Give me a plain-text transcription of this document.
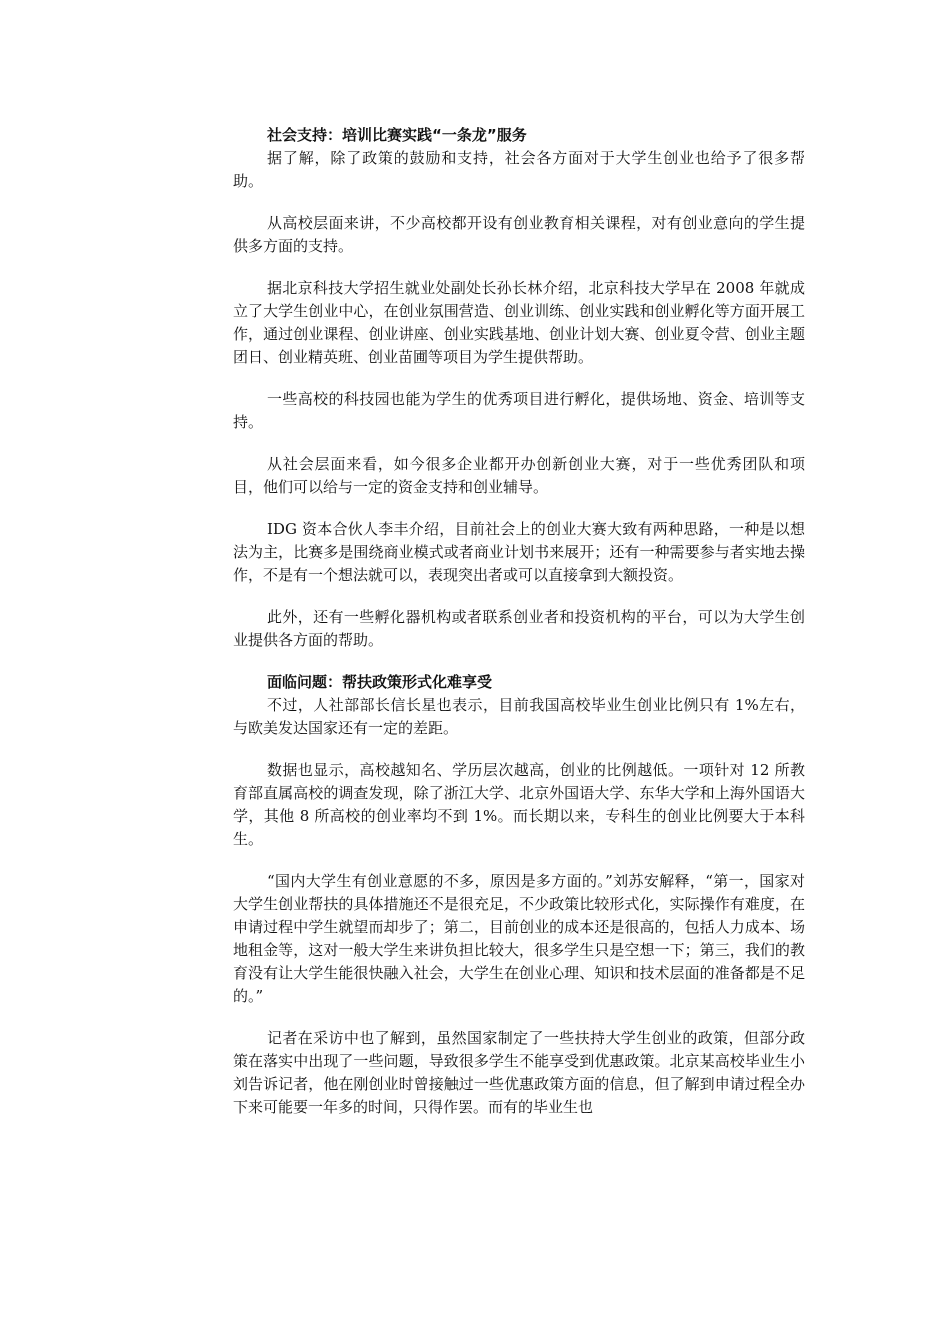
社会支持：培训比赛实践“一条龙”服务

据了解，除了政策的鼓励和支持，社会各方面对于大学生创业也给予了很多帮助。

从高校层面来讲，不少高校都开设有创业教育相关课程，对有创业意向的学生提供多方面的支持。

据北京科技大学招生就业处副处长孙长林介绍，北京科技大学早在 2008 年就成立了大学生创业中心，在创业氛围营造、创业训练、创业实践和创业孵化等方面开展工作，通过创业课程、创业讲座、创业实践基地、创业计划大赛、创业夏令营、创业主题团日、创业精英班、创业苗圃等项目为学生提供帮助。

一些高校的科技园也能为学生的优秀项目进行孵化，提供场地、资金、培训等支持。

从社会层面来看，如今很多企业都开办创新创业大赛，对于一些优秀团队和项目，他们可以给与一定的资金支持和创业辅导。

IDG 资本合伙人李丰介绍，目前社会上的创业大赛大致有两种思路，一种是以想法为主，比赛多是围绕商业模式或者商业计划书来展开；还有一种需要参与者实地去操作，不是有一个想法就可以，表现突出者或可以直接拿到大额投资。

此外，还有一些孵化器机构或者联系创业者和投资机构的平台，可以为大学生创业提供各方面的帮助。

面临问题：帮扶政策形式化难享受

不过，人社部部长信长星也表示，目前我国高校毕业生创业比例只有 1%左右，与欧美发达国家还有一定的差距。

数据也显示，高校越知名、学历层次越高，创业的比例越低。一项针对 12 所教育部直属高校的调查发现，除了浙江大学、北京外国语大学、东华大学和上海外国语大学，其他 8 所高校的创业率均不到 1%。而长期以来，专科生的创业比例要大于本科生。

“国内大学生有创业意愿的不多，原因是多方面的。”刘苏安解释，“第一，国家对大学生创业帮扶的具体措施还不是很充足，不少政策比较形式化，实际操作有难度，在申请过程中学生就望而却步了；第二，目前创业的成本还是很高的，包括人力成本、场地租金等，这对一般大学生来讲负担比较大，很多学生只是空想一下；第三，我们的教育没有让大学生能很快融入社会，大学生在创业心理、知识和技术层面的准备都是不足的。”

记者在采访中也了解到，虽然国家制定了一些扶持大学生创业的政策，但部分政策在落实中出现了一些问题，导致很多学生不能享受到优惠政策。北京某高校毕业生小刘告诉记者，他在刚创业时曾接触过一些优惠政策方面的信息，但了解到申请过程全办下来可能要一年多的时间，只得作罢。而有的毕业生也
